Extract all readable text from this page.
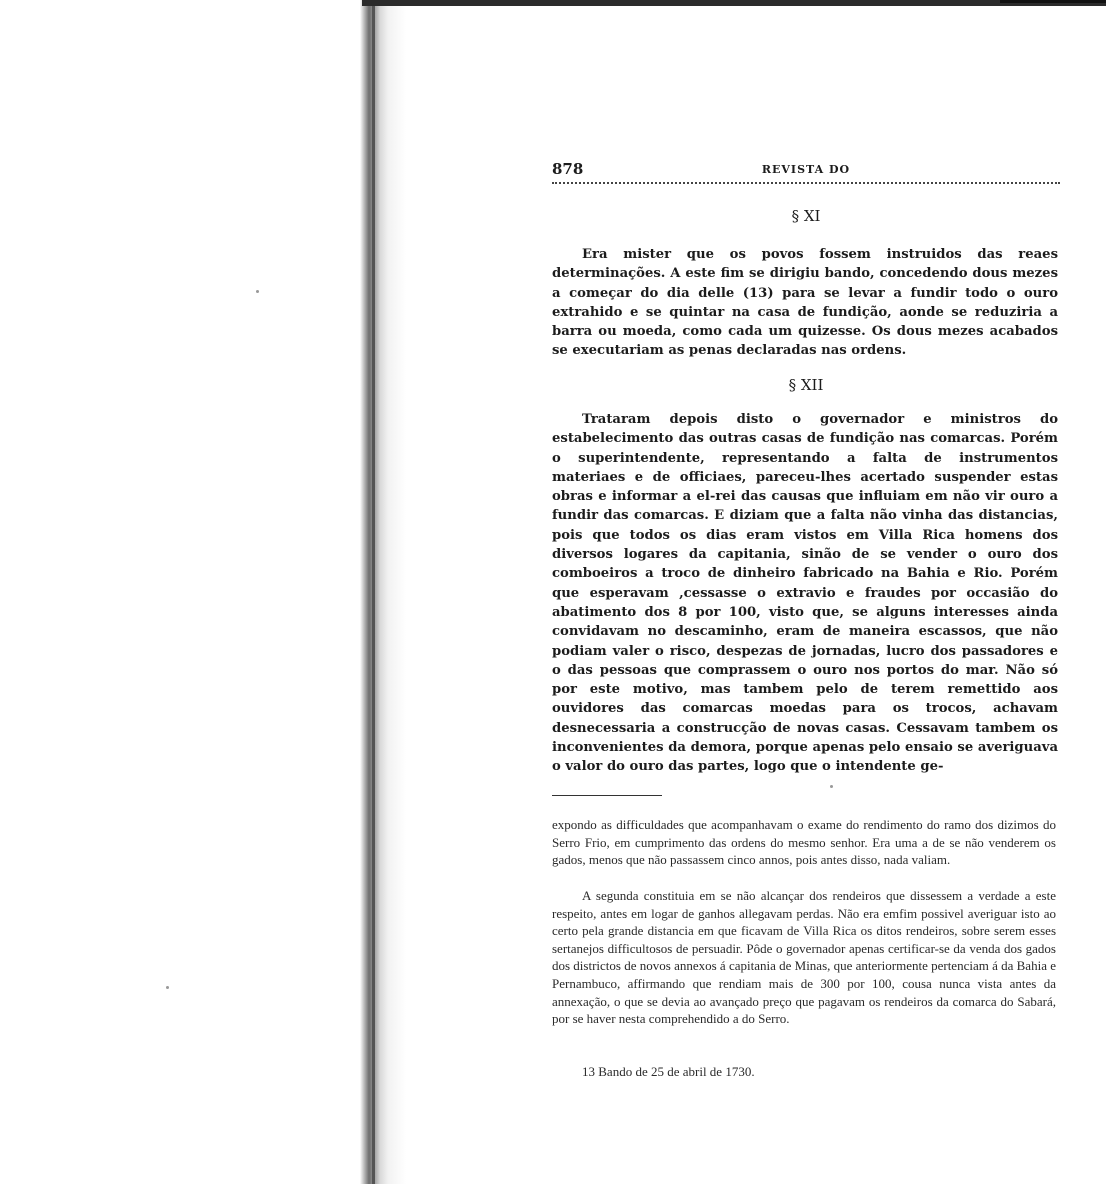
878	REVISTA DO
§ XI

Era mister que os povos fossem instruidos das reaes determinações. A este fim se dirigiu bando, concedendo dous mezes a começar do dia delle (13) para se levar a fundir todo o ouro extrahido e se quintar na casa de fundição, aonde se reduziria a barra ou moeda, como cada um quizesse. Os dous mezes acabados se executariam as penas declaradas nas ordens.

§ XII

Trataram depois disto o governador e ministros do estabelecimento das outras casas de fundição nas comarcas. Porém o superintendente, representando a falta de instrumentos materiaes e de officiaes, pareceu-lhes acertado suspender estas obras e informar a el-rei das causas que influiam em não vir ouro a fundir das comarcas. E diziam que a falta não vinha das distancias, pois que todos os dias eram vistos em Villa Rica homens dos diversos logares da capitania, sinão de se vender o ouro dos comboeiros a troco de dinheiro fabricado na Bahia e Rio. Porém que esperavam ,cessasse o extravio e fraudes por occasião do abatimento dos 8 por 100, visto que, se alguns interesses ainda convidavam no descaminho, eram de maneira escassos, que não podiam valer o risco, despezas de jornadas, lucro dos passadores e o das pessoas que comprassem o ouro nos portos do mar. Não só por este motivo, mas tambem pelo de terem remettido aos ouvidores das comarcas moedas para os trocos, achavam desnecessaria a construcção de novas casas. Cessavam tambem os inconvenientes da demora, porque apenas pelo ensaio se averiguava o valor do ouro das partes, logo que o intendente ge-

expondo as difficuldades que acompanhavam o exame do rendimento do ramo dos dizimos do Serro Frio, em cumprimento das ordens do mesmo senhor. Era uma a de se não venderem os gados, menos que não passassem cinco annos, pois antes disso, nada valiam.

A segunda constituia em se não alcançar dos rendeiros que dissessem a verdade a este respeito, antes em logar de ganhos allegavam perdas. Não era emfim possivel averiguar isto ao certo pela grande distancia em que ficavam de Villa Rica os ditos rendeiros, sobre serem esses sertanejos difficultosos de persuadir. Pôde o governador apenas certificar-se da venda dos gados dos districtos de novos annexos á capitania de Minas, que anteriormente pertenciam á da Bahia e Pernambuco, affirmando que rendiam mais de 300 por 100, cousa nunca vista antes da annexação, o que se devia ao avançado preço que pagavam os rendeiros da comarca do Sabará, por se haver nesta comprehendido a do Serro.

13 Bando de 25 de abril de 1730.
